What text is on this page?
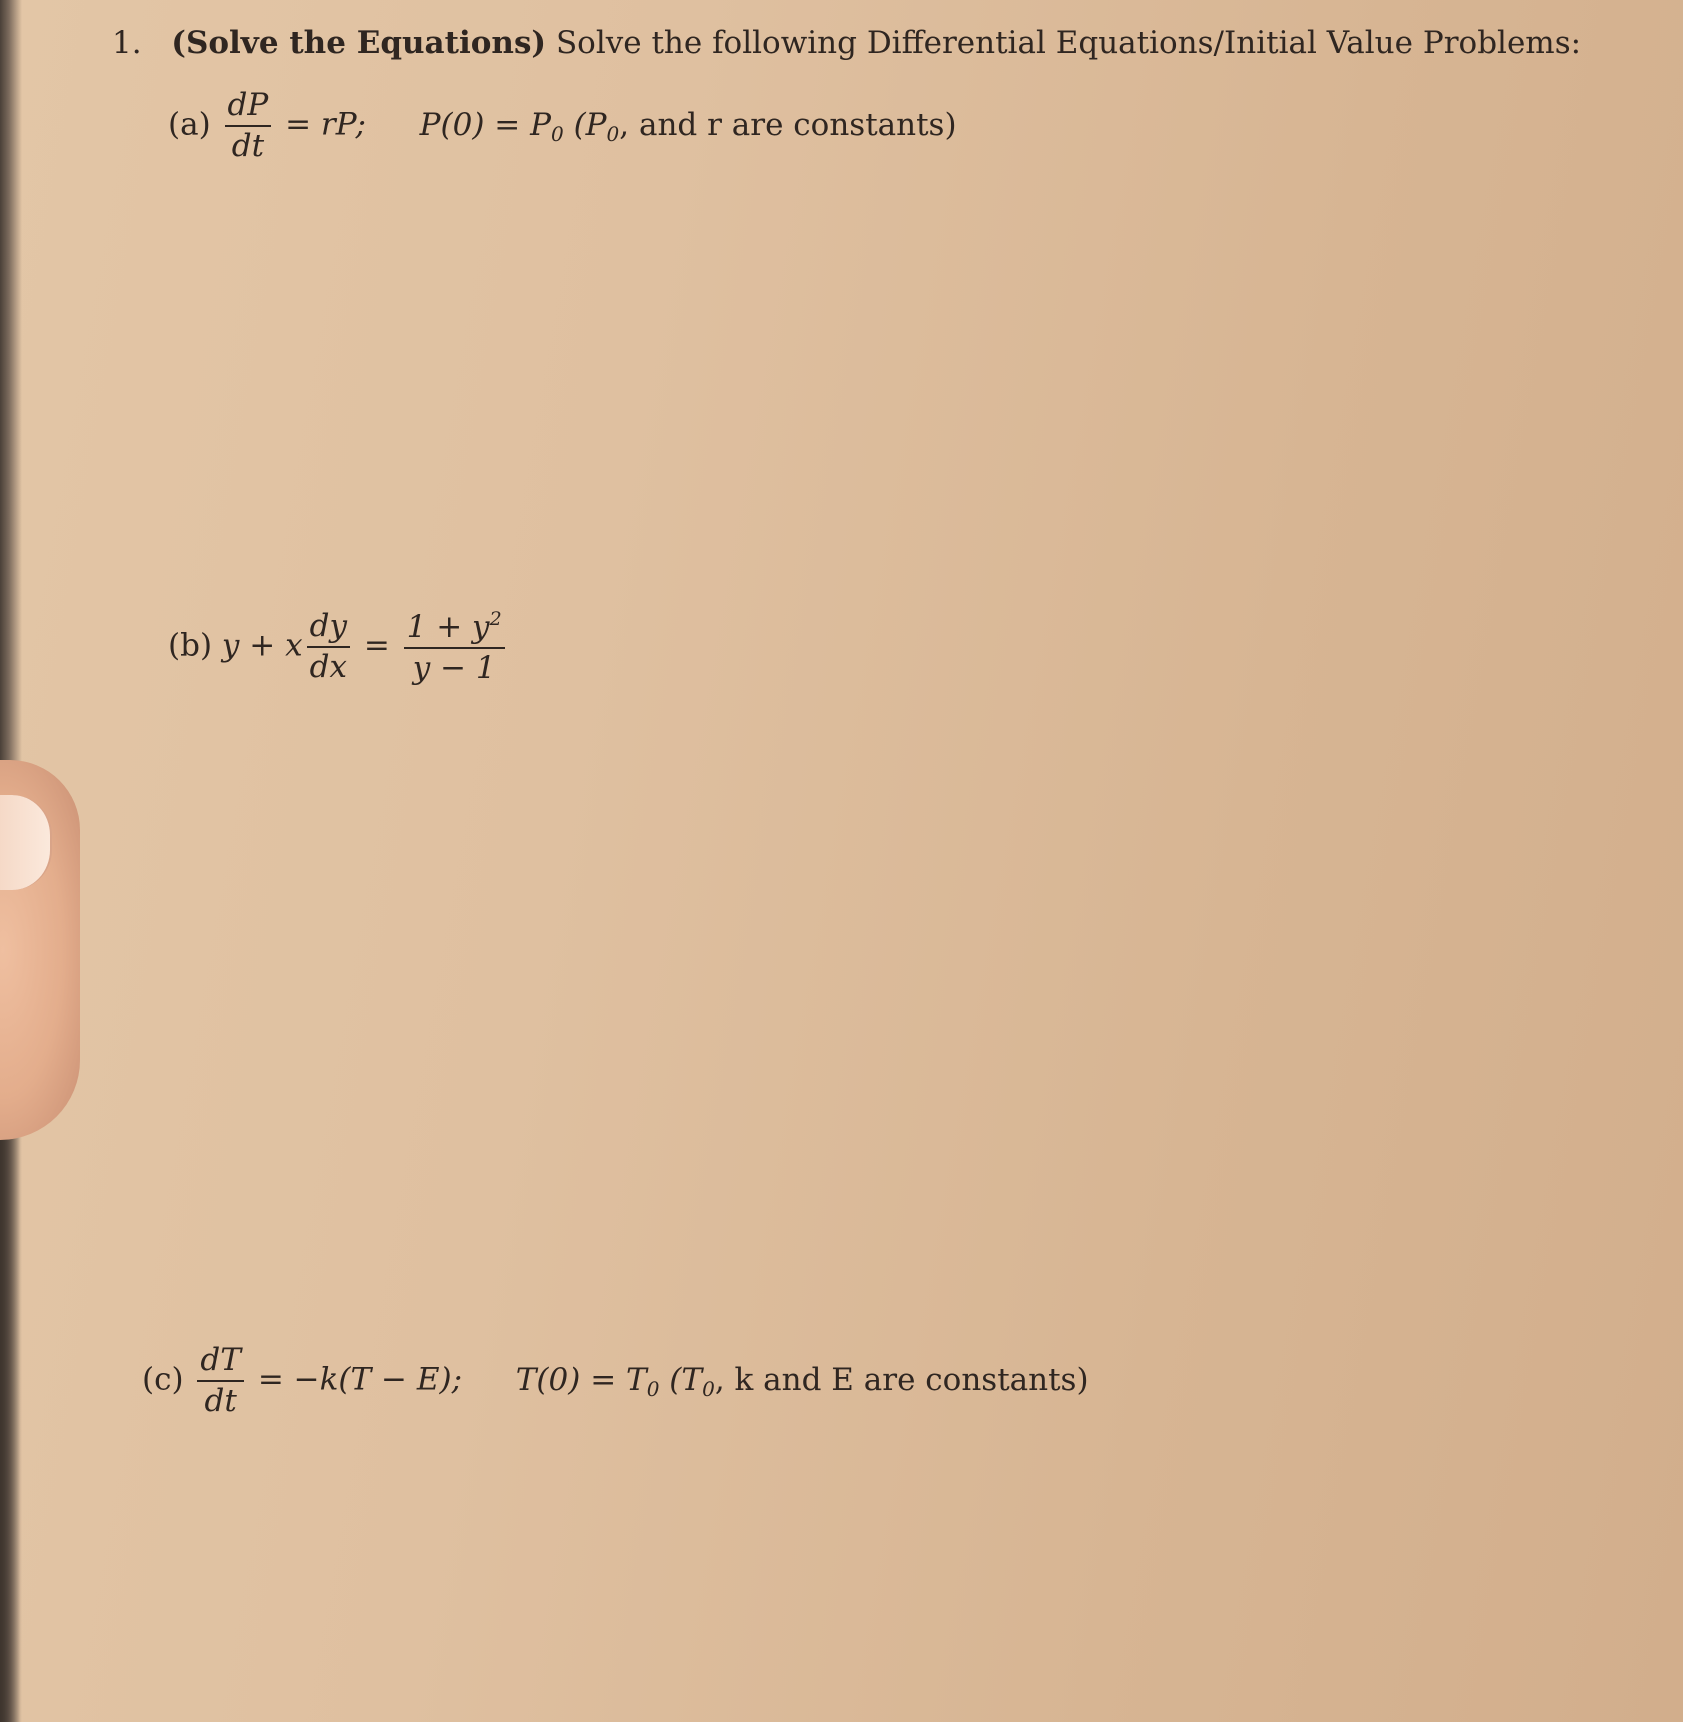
1. (Solve the Equations) Solve the following Differential Equations/Initial Value Problems:
$(a) \frac{dP}{dt}$ = rP; $P(0) = P_0$ ($P_0$, and r are constants)
(b) y + x $\frac{dy}{dx} = \frac{1 + y^2}{y - 1}$
$(c) \frac{dT}{dt} = -k(T - E)$; $T(0) = T_0$ ($T_0$, k and E are constants)
